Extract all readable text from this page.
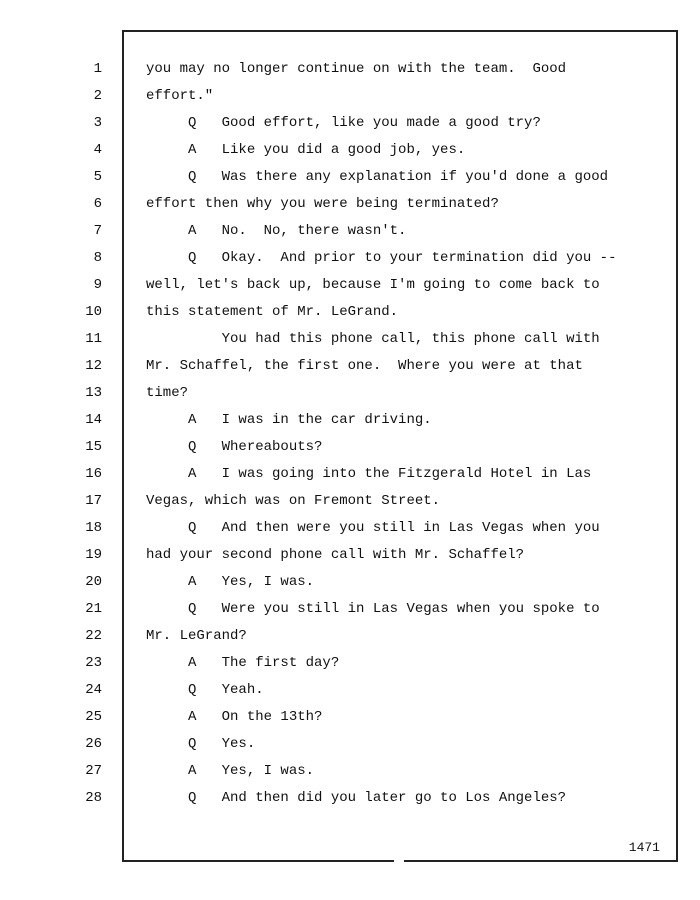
1
2
3
4
5
6
7
8
9
10
11
12
13
14
15
16
17
18
19
20
21
22
23
24
25
26
27
28
you may no longer continue on with the team.  Good
effort."
Q   Good effort, like you made a good try?
A   Like you did a good job, yes.
Q   Was there any explanation if you'd done a good
effort then why you were being terminated?
A   No.  No, there wasn't.
Q   Okay.  And prior to your termination did you --
well, let's back up, because I'm going to come back to
this statement of Mr. LeGrand.
You had this phone call, this phone call with
Mr. Schaffel, the first one.  Where you were at that
time?
A   I was in the car driving.
Q   Whereabouts?
A   I was going into the Fitzgerald Hotel in Las
Vegas, which was on Fremont Street.
Q   And then were you still in Las Vegas when you
had your second phone call with Mr. Schaffel?
A   Yes, I was.
Q   Were you still in Las Vegas when you spoke to
Mr. LeGrand?
A   The first day?
Q   Yeah.
A   On the 13th?
Q   Yes.
A   Yes, I was.
Q   And then did you later go to Los Angeles?
1471
